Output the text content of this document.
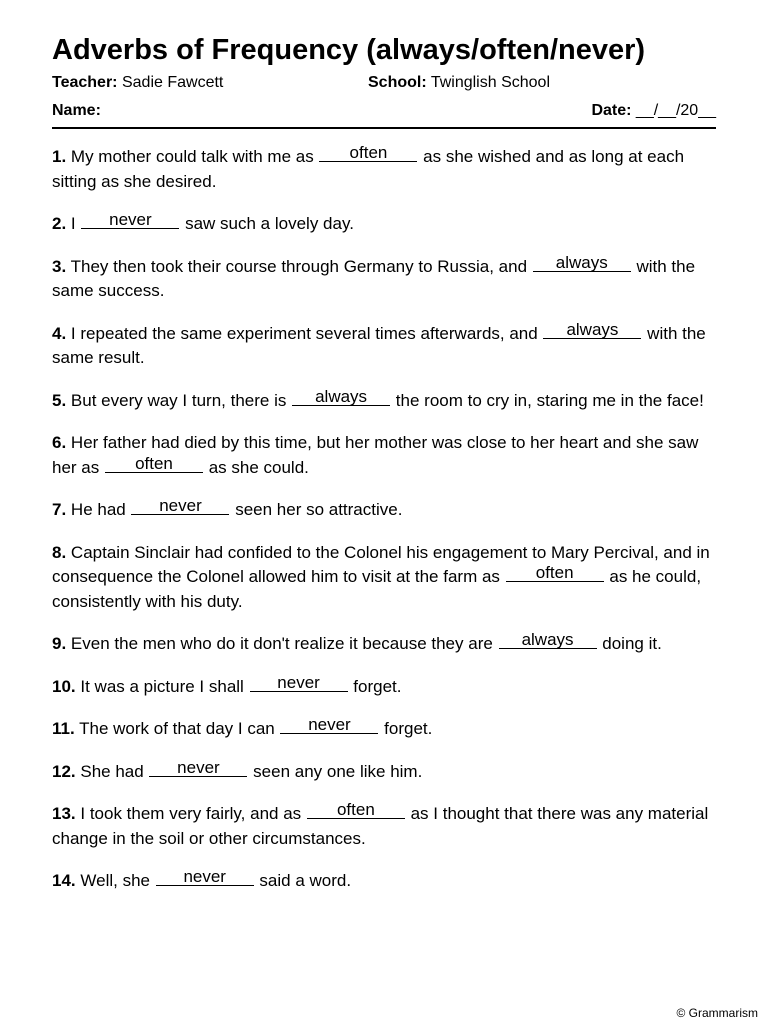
Adverbs of Frequency (always/often/never)
Teacher: Sadie Fawcett	School: Twinglish School
Name:	Date: __/__/20__

1. My mother could talk with me as often as she wished and as long at each sitting as she desired.

2. I never saw such a lovely day.

3. They then took their course through Germany to Russia, and always with the same success.

4. I repeated the same experiment several times afterwards, and always with the same result.

5. But every way I turn, there is always the room to cry in, staring me in the face!

6. Her father had died by this time, but her mother was close to her heart and she saw her as often as she could.

7. He had never seen her so attractive.

8. Captain Sinclair had confided to the Colonel his engagement to Mary Percival, and in consequence the Colonel allowed him to visit at the farm as often as he could, consistently with his duty.

9. Even the men who do it don't realize it because they are always doing it.

10. It was a picture I shall never forget.

11. The work of that day I can never forget.

12. She had never seen any one like him.

13. I took them very fairly, and as often as I thought that there was any material change in the soil or other circumstances.

14. Well, she never said a word.

© Grammarism
